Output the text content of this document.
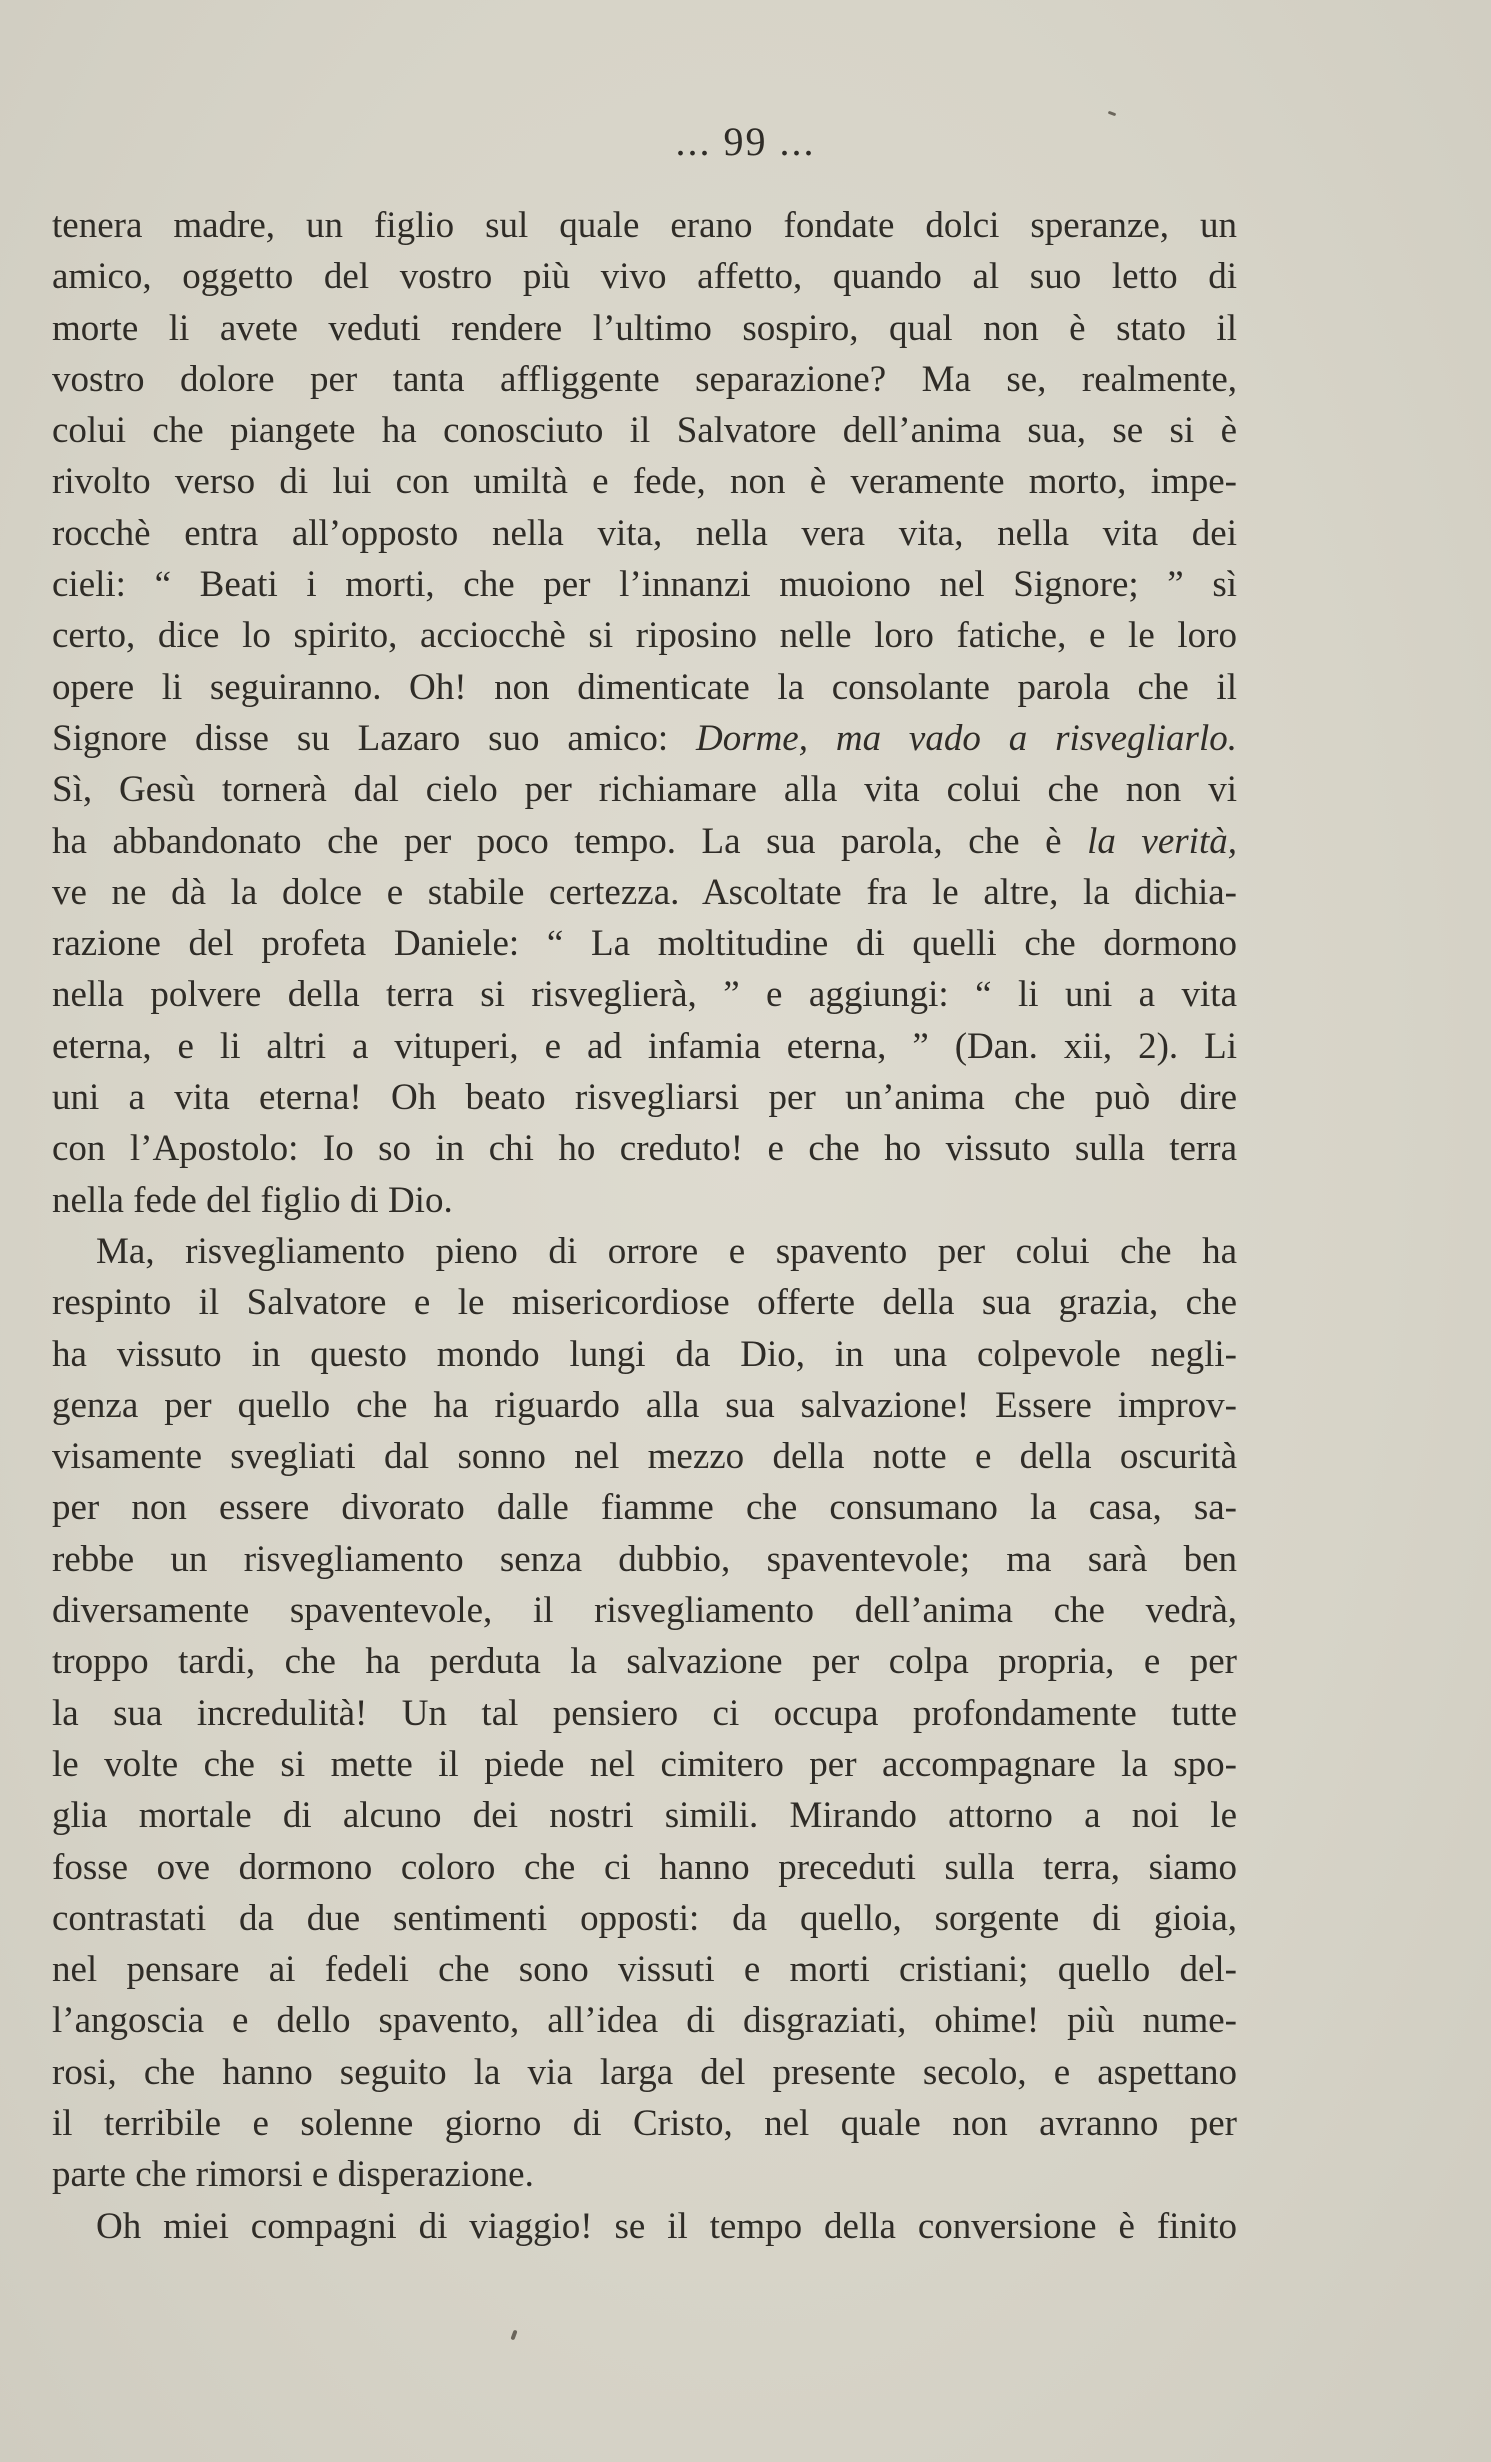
... 99 ...
tenera madre, un figlio sul quale erano fondate dolci speranze, un
amico, oggetto del vostro più vivo affetto, quando al suo letto di
morte li avete veduti rendere l’ultimo sospiro, qual non è stato il
vostro dolore per tanta affliggente separazione? Ma se, realmente,
colui che piangete ha conosciuto il Salvatore dell’anima sua, se si è
rivolto verso di lui con umiltà e fede, non è veramente morto, impe-
rocchè entra all’opposto nella vita, nella vera vita, nella vita dei
cieli: “ Beati i morti, che per l’innanzi muoiono nel Signore; ” sì
certo, dice lo spirito, acciocchè si riposino nelle loro fatiche, e le loro
opere li seguiranno. Oh! non dimenticate la consolante parola che il
Signore disse su Lazaro suo amico: Dorme, ma vado a risvegliarlo.
Sì, Gesù tornerà dal cielo per richiamare alla vita colui che non vi
ha abbandonato che per poco tempo. La sua parola, che è la verità,
ve ne dà la dolce e stabile certezza. Ascoltate fra le altre, la dichia-
razione del profeta Daniele: “ La moltitudine di quelli che dormono
nella polvere della terra si risveglierà, ” e aggiungi: “ li uni a vita
eterna, e li altri a vituperi, e ad infamia eterna, ” (Dan. xii, 2). Li
uni a vita eterna! Oh beato risvegliarsi per un’anima che può dire
con l’Apostolo: Io so in chi ho creduto! e che ho vissuto sulla terra
nella fede del figlio di Dio.
Ma, risvegliamento pieno di orrore e spavento per colui che ha
respinto il Salvatore e le misericordiose offerte della sua grazia, che
ha vissuto in questo mondo lungi da Dio, in una colpevole negli-
genza per quello che ha riguardo alla sua salvazione! Essere improv-
visamente svegliati dal sonno nel mezzo della notte e della oscurità
per non essere divorato dalle fiamme che consumano la casa, sa-
rebbe un risvegliamento senza dubbio, spaventevole; ma sarà ben
diversamente spaventevole, il risvegliamento dell’anima che vedrà,
troppo tardi, che ha perduta la salvazione per colpa propria, e per
la sua incredulità! Un tal pensiero ci occupa profondamente tutte
le volte che si mette il piede nel cimitero per accompagnare la spo-
glia mortale di alcuno dei nostri simili. Mirando attorno a noi le
fosse ove dormono coloro che ci hanno preceduti sulla terra, siamo
contrastati da due sentimenti opposti: da quello, sorgente di gioia,
nel pensare ai fedeli che sono vissuti e morti cristiani; quello del-
l’angoscia e dello spavento, all’idea di disgraziati, ohime! più nume-
rosi, che hanno seguito la via larga del presente secolo, e aspettano
il terribile e solenne giorno di Cristo, nel quale non avranno per
parte che rimorsi e disperazione.
Oh miei compagni di viaggio! se il tempo della conversione è finito
